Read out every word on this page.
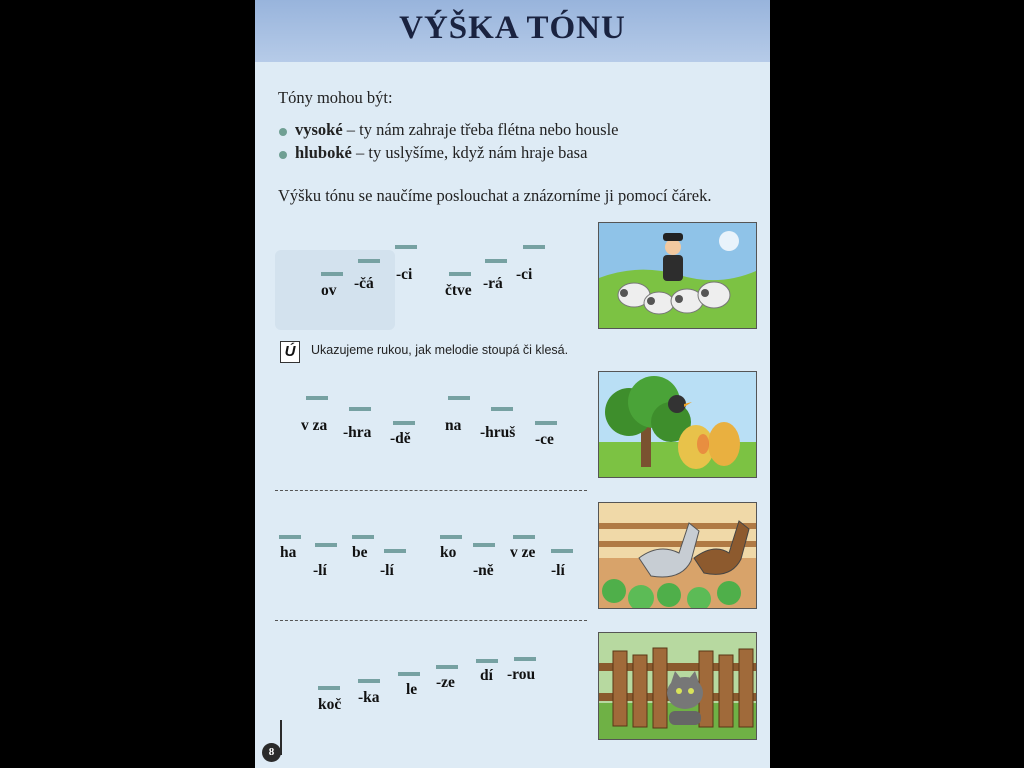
VÝŠKA TÓNU
Tóny mohou být:
vysoké – ty nám zahraje třeba flétna nebo housle
hluboké – ty uslyšíme, když nám hraje basa
Výšku tónu se naučíme poslouchat a znázorníme ji pomocí čárek.
ov -čá
-ci
čtve -rá
-ci
Ú	Ukazujeme rukou, jak melodie stoupá či klesá.
v za -hra -dě
na -hruš -ce
ha
-lí
be
-lí
ko
-ně
v ze
-lí
koč -ka le -ze dí -rou
8
